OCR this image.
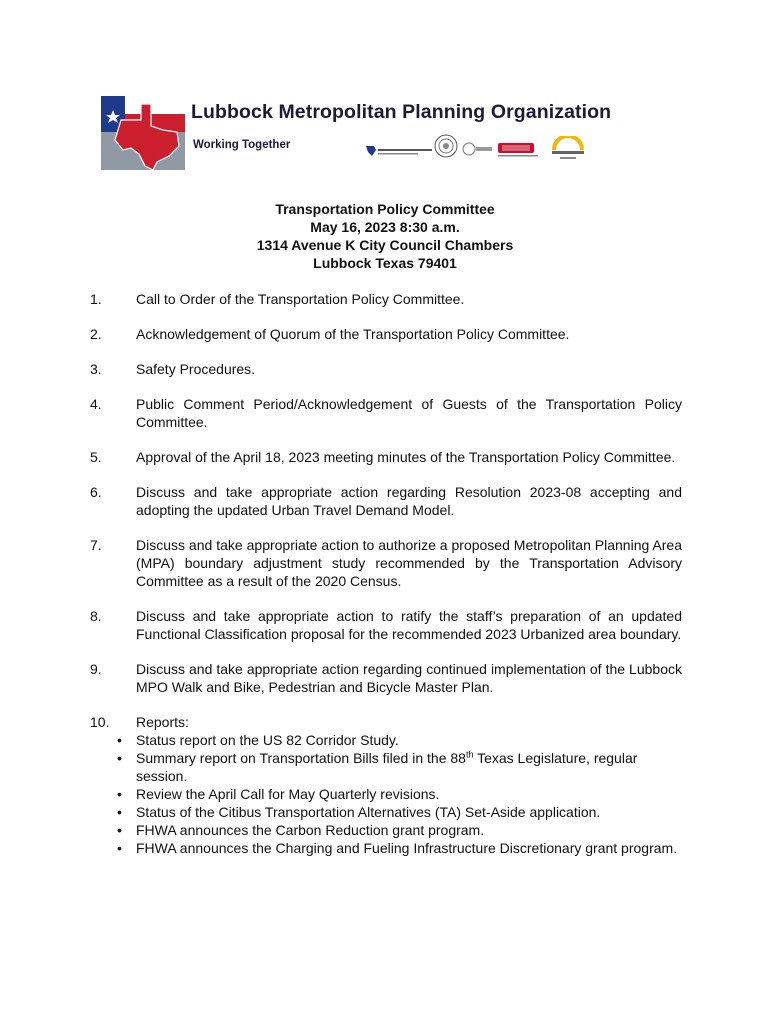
Lubbock Metropolitan Planning Organization
Working Together
Transportation Policy Committee
May 16, 2023 8:30 a.m.
1314 Avenue K City Council Chambers
Lubbock Texas 79401
1. Call to Order of the Transportation Policy Committee.
2. Acknowledgement of Quorum of the Transportation Policy Committee.
3. Safety Procedures.
4. Public Comment Period/Acknowledgement of Guests of the Transportation Policy Committee.
5. Approval of the April 18, 2023 meeting minutes of the Transportation Policy Committee.
6. Discuss and take appropriate action regarding Resolution 2023-08 accepting and adopting the updated Urban Travel Demand Model.
7. Discuss and take appropriate action to authorize a proposed Metropolitan Planning Area (MPA) boundary adjustment study recommended by the Transportation Advisory Committee as a result of the 2020 Census.
8. Discuss and take appropriate action to ratify the staff’s preparation of an updated Functional Classification proposal for the recommended 2023 Urbanized area boundary.
9. Discuss and take appropriate action regarding continued implementation of the Lubbock MPO Walk and Bike, Pedestrian and Bicycle Master Plan.
10. Reports:
• Status report on the US 82 Corridor Study.
• Summary report on Transportation Bills filed in the 88th Texas Legislature, regular session.
• Review the April Call for May Quarterly revisions.
• Status of the Citibus Transportation Alternatives (TA) Set-Aside application.
• FHWA announces the Carbon Reduction grant program.
• FHWA announces the Charging and Fueling Infrastructure Discretionary grant program.
